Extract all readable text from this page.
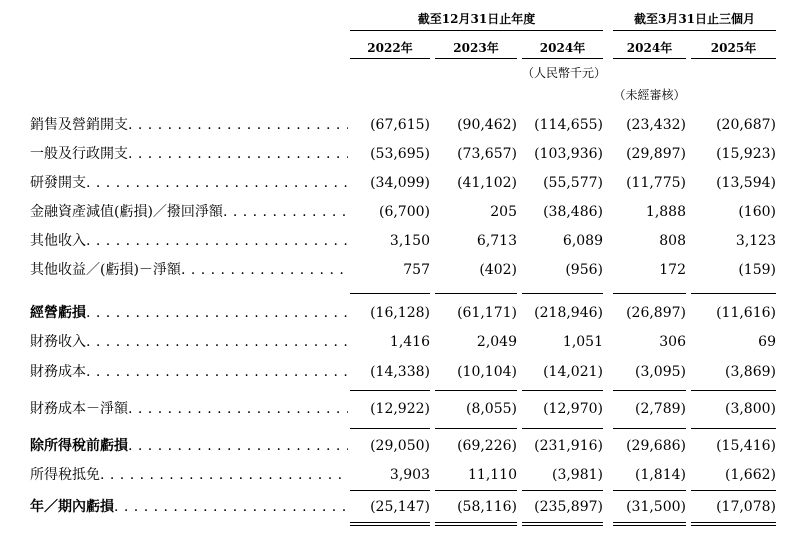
截至12月31日止年度	截至3月31日止三個月
2022年	2023年	2024年	2024年	2025年
（人民幣千元）
（未經審核）
銷售及營銷開支 . . .	(67,615)	(90,462)	(114,655)	(23,432)	(20,687)
一般及行政開支 . . .	(53,695)	(73,657)	(103,936)	(29,897)	(15,923)
研發開支 . . .	(34,099)	(41,102)	(55,577)	(11,775)	(13,594)
金融資產減值(虧損)／撥回淨額 . . .	(6,700)	205	(38,486)	1,888	(160)
其他收入 . . .	3,150	6,713	6,089	808	3,123
其他收益／(虧損)－淨額 . . .	757	(402)	(956)	172	(159)
經營虧損 . . .	(16,128)	(61,171)	(218,946)	(26,897)	(11,616)
財務收入 . . .	1,416	2,049	1,051	306	69
財務成本 . . .	(14,338)	(10,104)	(14,021)	(3,095)	(3,869)
財務成本－淨額 . . .	(12,922)	(8,055)	(12,970)	(2,789)	(3,800)
除所得稅前虧損 . . .	(29,050)	(69,226)	(231,916)	(29,686)	(15,416)
所得稅抵免 . . .	3,903	11,110	(3,981)	(1,814)	(1,662)
年／期內虧損 . . .	(25,147)	(58,116)	(235,897)	(31,500)	(17,078)
